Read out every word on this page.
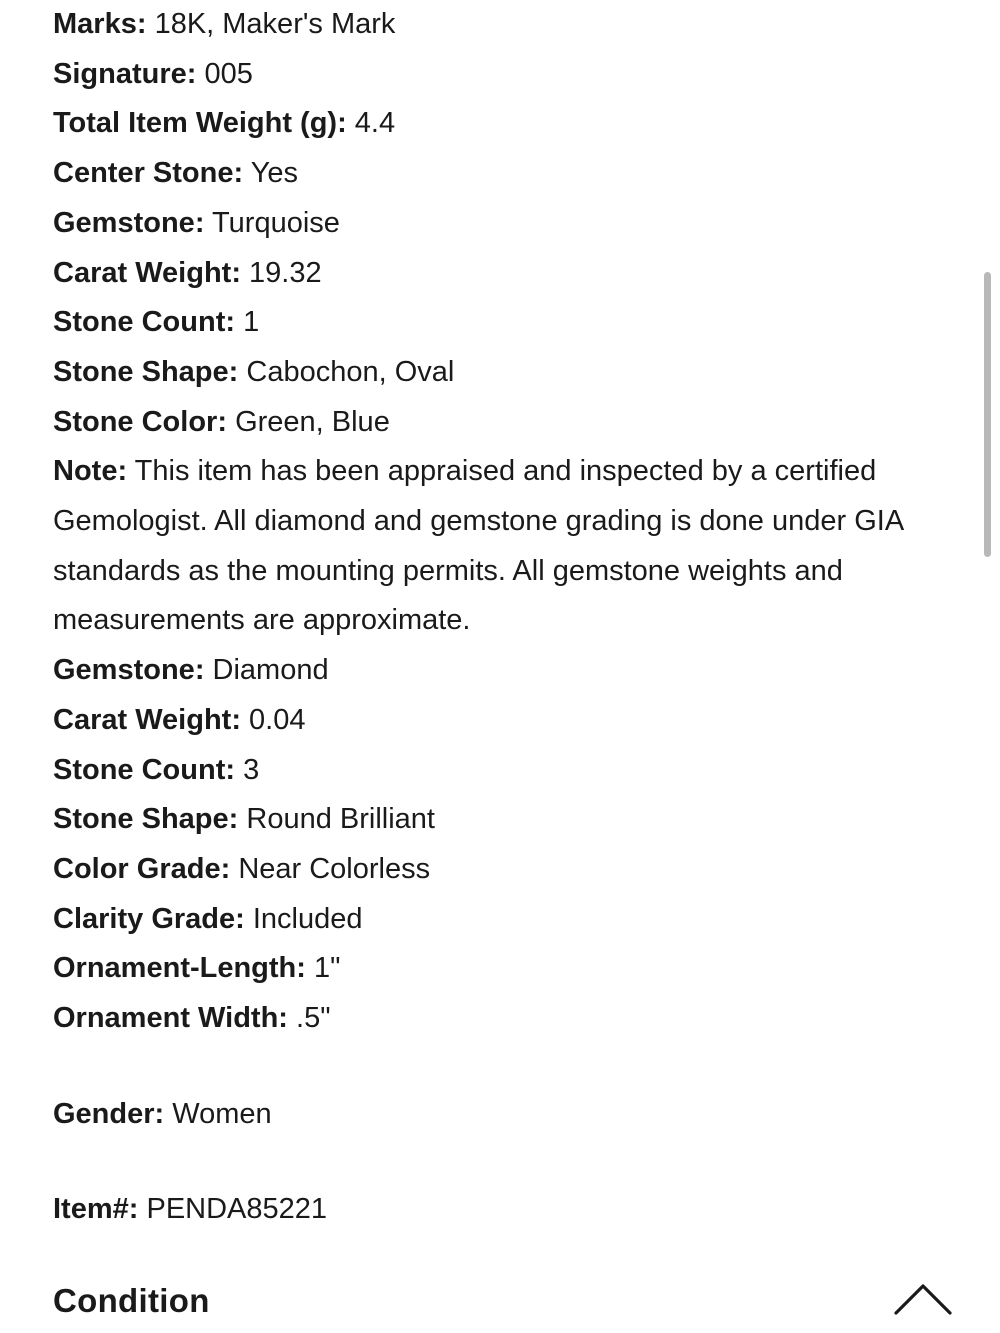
Marks: 18K, Maker's Mark
Signature: 005
Total Item Weight (g): 4.4
Center Stone: Yes
Gemstone: Turquoise
Carat Weight: 19.32
Stone Count: 1
Stone Shape: Cabochon, Oval
Stone Color: Green, Blue
Note: This item has been appraised and inspected by a certified Gemologist. All diamond and gemstone grading is done under GIA standards as the mounting permits. All gemstone weights and measurements are approximate.
Gemstone: Diamond
Carat Weight: 0.04
Stone Count: 3
Stone Shape: Round Brilliant
Color Grade: Near Colorless
Clarity Grade: Included
Ornament-Length: 1"
Ornament Width: .5"
Gender: Women
Item#: PENDA85221
Condition
